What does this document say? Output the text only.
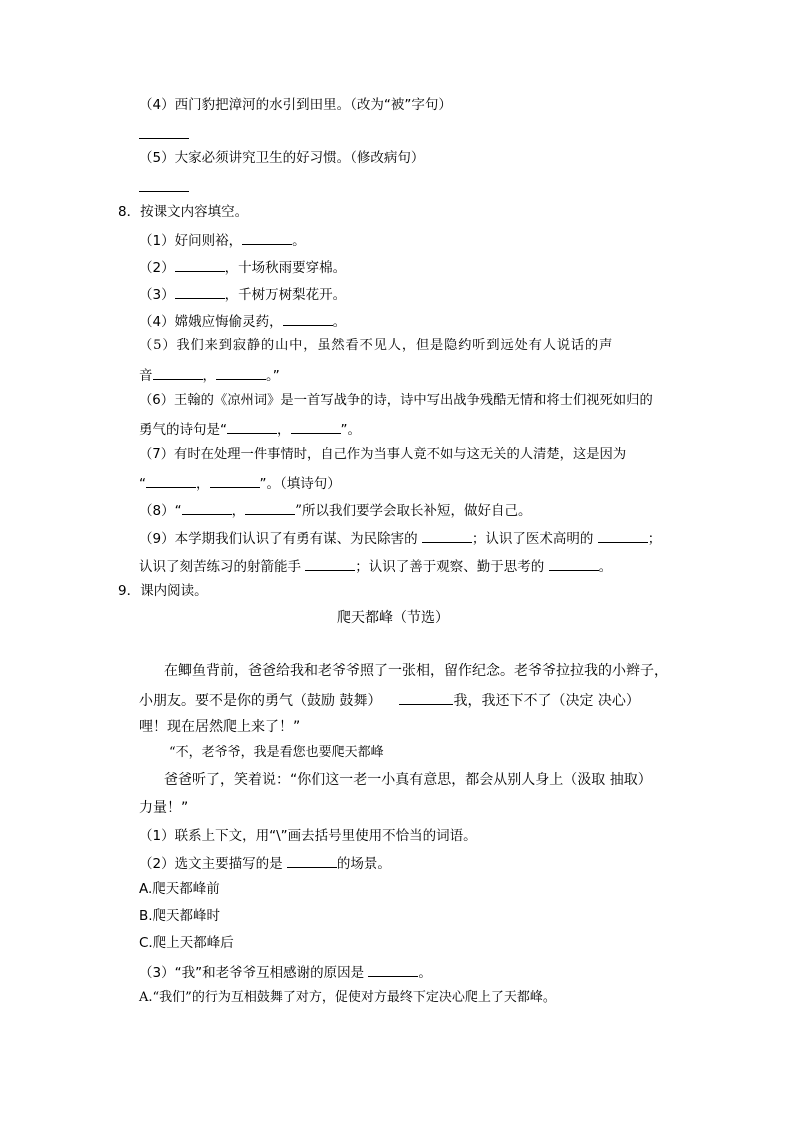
（4）西门豹把漳河的水引到田里。（改为“被”字句）
（5）大家必须讲究卫生的好习惯。（修改病句）
8．按课文内容填空。
（1）好问则裕，	。
（2）	，十场秋雨要穿棉。
（3）	，千树万树梨花开。
（4）嫦娥应悔偷灵药，	。
（5）我们来到寂静的山中，虽然看不见人，但是隐约听到远处有人说话的声
音	，	。”
（6）王翰的《凉州词》是一首写战争的诗，诗中写出战争残酷无情和将士们视死如归的
勇气的诗句是“	，	”。
（7）有时在处理一件事情时，自己作为当事人竟不如与这无关的人清楚，这是因为
“	，	”。（填诗句）
（8）“	，	”所以我们要学会取长补短，做好自己。
（9）本学期我们认识了有勇有谋、为民除害的	；认识了医术高明的	；
认识了刻苦练习的射箭能手	；认识了善于观察、勤于思考的	。
9．课内阅读。
爬天都峰（节选）
在鲫鱼背前，爸爸给我和老爷爷照了一张相，留作纪念。老爷爷拉拉我的小辫子，
小朋友。要不是你的勇气（鼓励 鼓舞）	我，我还下不了（决定 决心）
哩！现在居然爬上来了！”
“不，老爷爷，我是看您也要爬天都峰
爸爸听了，笑着说：“你们这一老一小真有意思，都会从别人身上（汲取 抽取）
力量！”
（1）联系上下文，用“\”画去括号里使用不恰当的词语。
（2）选文主要描写的是	的场景。
A.爬天都峰前
B.爬天都峰时
C.爬上天都峰后
（3）“我”和老爷爷互相感谢的原因是	。
A.“我们”的行为互相鼓舞了对方，促使对方最终下定决心爬上了天都峰。
